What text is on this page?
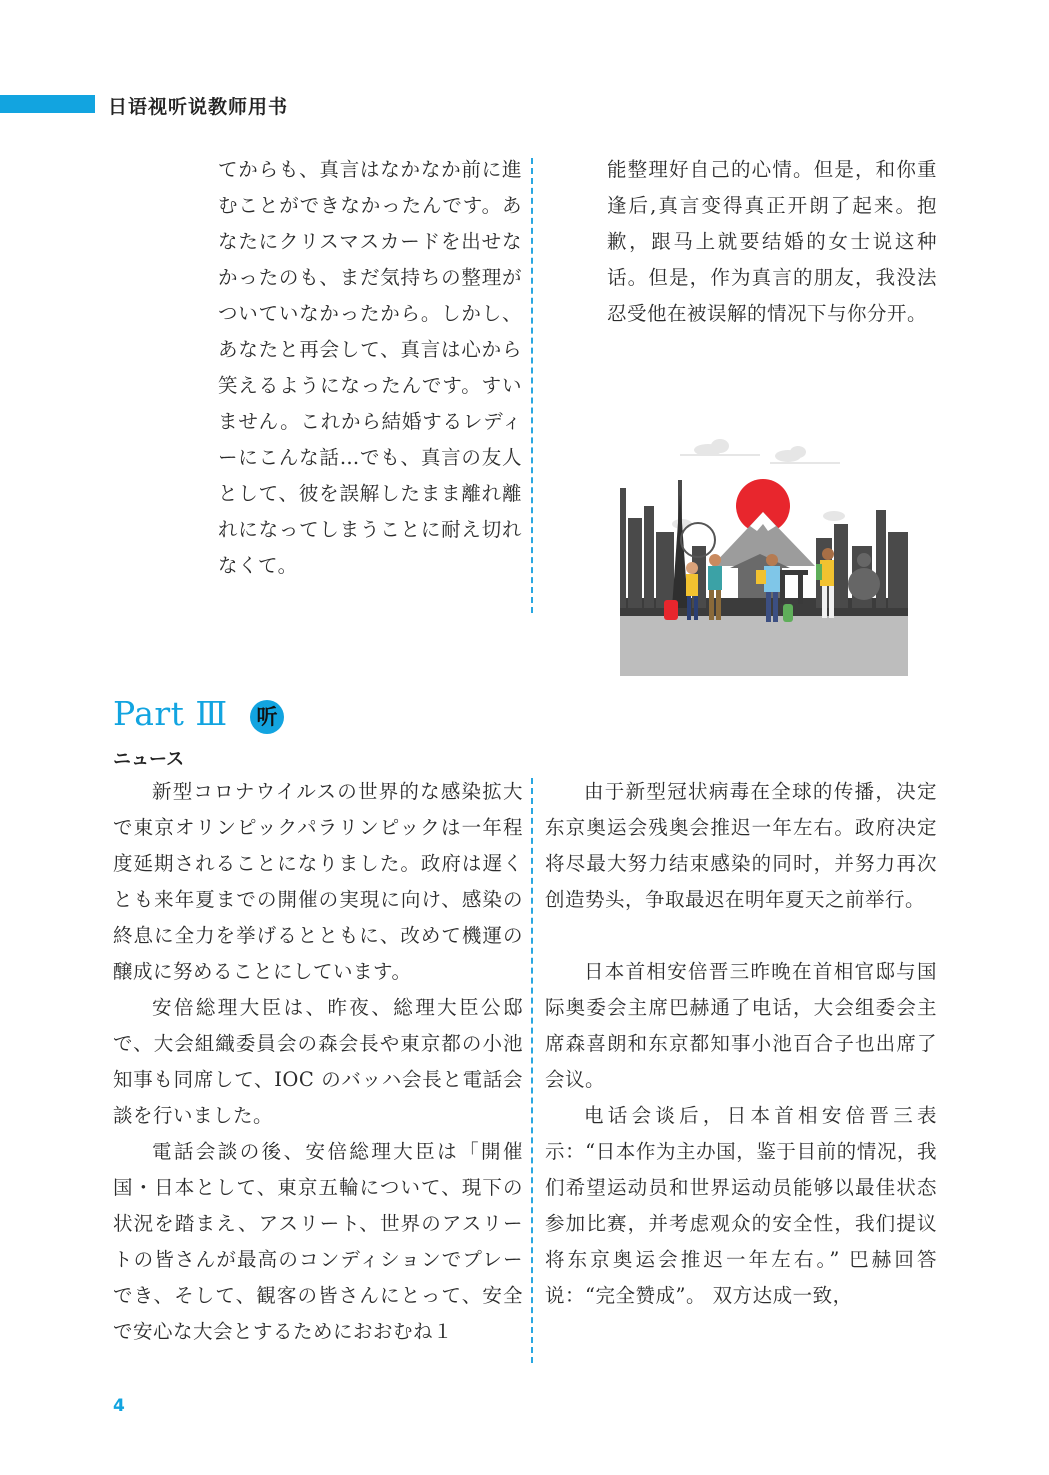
日语视听说教师用书

てからも、真言はなかなか前に進むことができなかったんです。あなたにクリスマスカードを出せなかったのも、まだ気持ちの整理がついていなかったから。しかし、あなたと再会して、真言は心から笑えるようになったんです。すいません。これから結婚するレディーにこんな話…でも、真言の友人として、彼を誤解したまま離れ離れになってしまうことに耐え切れなくて。

能整理好自己的心情。但是，和你重逢后,真言变得真正开朗了起来。抱歉，跟马上就要结婚的女士说这种话。但是，作为真言的朋友，我没法忍受他在被误解的情况下与你分开。

Part Ⅲ	听
ニュース

新型コロナウイルスの世界的な感染拡大で東京オリンピックパラリンピックは一年程度延期されることになりました。政府は遅くとも来年夏までの開催の実現に向け、感染の終息に全力を挙げるとともに、改めて機運の醸成に努めることにしています。

安倍総理大臣は、昨夜、総理大臣公邸で、大会組織委員会の森会長や東京都の小池知事も同席して、IOC のバッハ会長と電話会談を行いました。

電話会談の後、安倍総理大臣は「開催国・日本として、東京五輪について、現下の状況を踏まえ、アスリート、世界のアスリートの皆さんが最高のコンディションでプレーでき、そして、観客の皆さんにとって、安全で安心な大会とするためにおおむね１

由于新型冠状病毒在全球的传播，决定东京奥运会残奥会推迟一年左右。政府决定将尽最大努力结束感染的同时，并努力再次创造势头，争取最迟在明年夏天之前举行。

日本首相安倍晋三昨晚在首相官邸与国际奥委会主席巴赫通了电话，大会组委会主席森喜朗和东京都知事小池百合子也出席了会议。

电话会谈后，日本首相安倍晋三表示：“日本作为主办国，鉴于目前的情况，我们希望运动员和世界运动员能够以最佳状态参加比赛，并考虑观众的安全性，我们提议将东京奥运会推迟一年左右。” 巴赫回答说：“完全赞成”。 双方达成一致，

4
